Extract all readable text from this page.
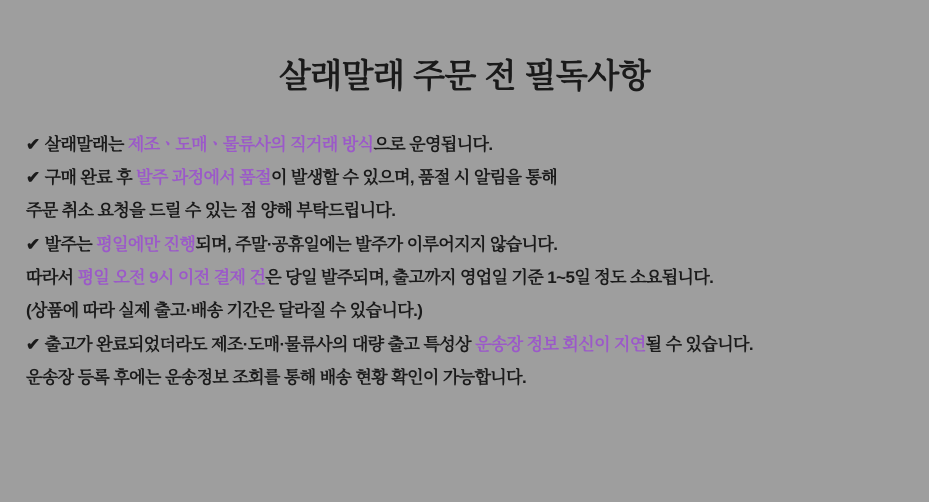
살래말래 주문 전 필독사항
✔ 살래말래는 제조ㆍ도매ㆍ물류사의 직거래 방식으로 운영됩니다.
✔ 구매 완료 후 발주 과정에서 품절이 발생할 수 있으며, 품절 시 알림을 통해
주문 취소 요청을 드릴 수 있는 점 양해 부탁드립니다.
✔ 발주는 평일에만 진행되며, 주말·공휴일에는 발주가 이루어지지 않습니다.
따라서 평일 오전 9시 이전 결제 건은 당일 발주되며, 출고까지 영업일 기준 1~5일 정도 소요됩니다.
(상품에 따라 실제 출고·배송 기간은 달라질 수 있습니다.)
✔ 출고가 완료되었더라도 제조·도매·물류사의 대량 출고 특성상 운송장 정보 회신이 지연될 수 있습니다.
운송장 등록 후에는 운송정보 조회를 통해 배송 현황 확인이 가능합니다.
